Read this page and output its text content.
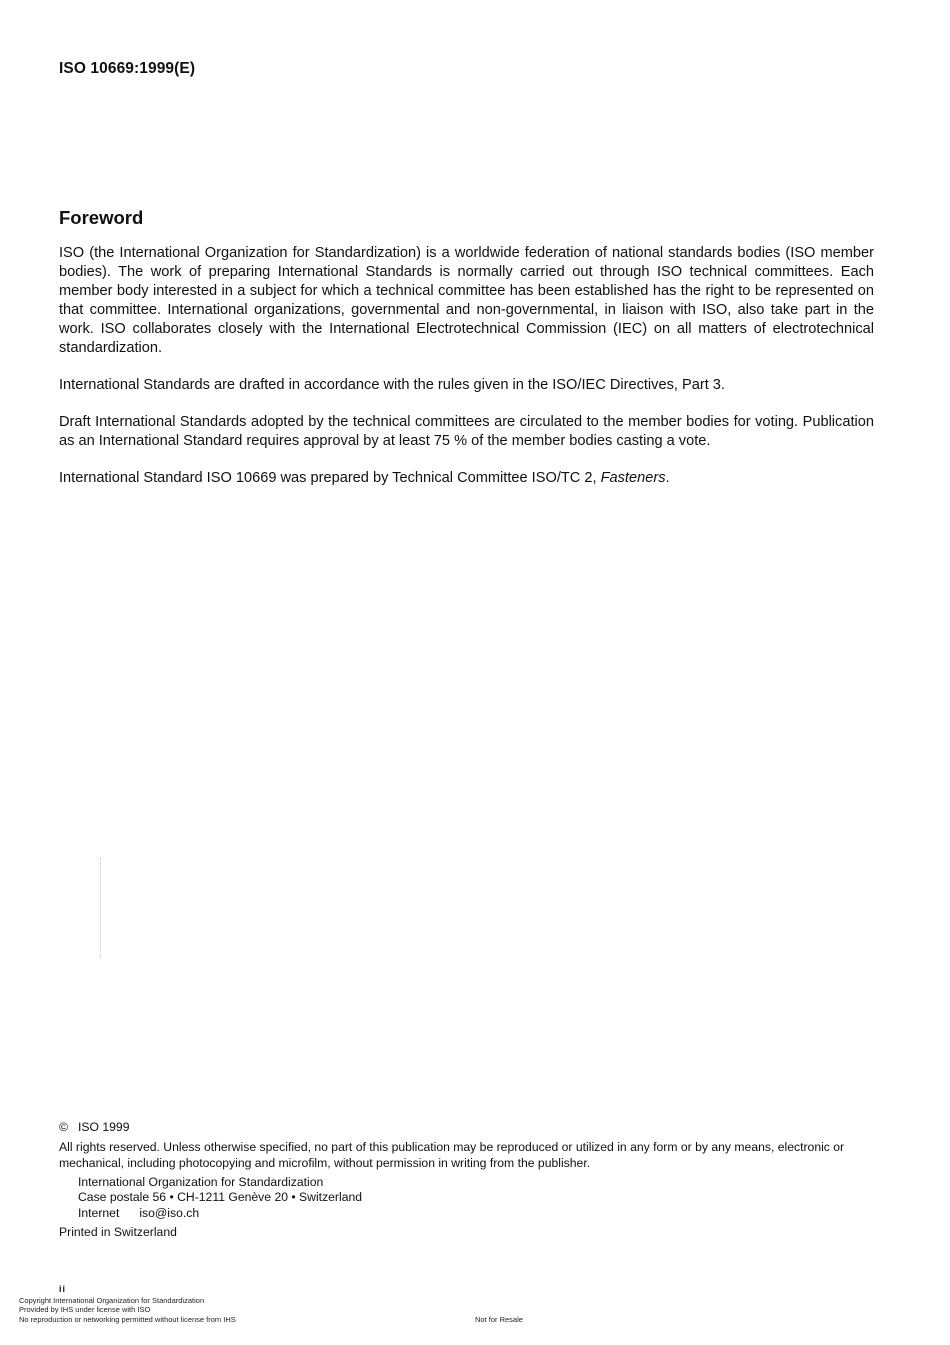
ISO 10669:1999(E)
Foreword

ISO (the International Organization for Standardization) is a worldwide federation of national standards bodies (ISO member bodies). The work of preparing International Standards is normally carried out through ISO technical committees. Each member body interested in a subject for which a technical committee has been established has the right to be represented on that committee. International organizations, governmental and non-governmental, in liaison with ISO, also take part in the work. ISO collaborates closely with the International Electrotechnical Commission (IEC) on all matters of electrotechnical standardization.

International Standards are drafted in accordance with the rules given in the ISO/IEC Directives, Part 3.

Draft International Standards adopted by the technical committees are circulated to the member bodies for voting. Publication as an International Standard requires approval by at least 75 % of the member bodies casting a vote.

International Standard ISO 10669 was prepared by Technical Committee ISO/TC 2, Fasteners.

© ISO 1999

All rights reserved. Unless otherwise specified, no part of this publication may be reproduced or utilized in any form or by any means, electronic or mechanical, including photocopying and microfilm, without permission in writing from the publisher.

International Organization for Standardization
Case postale 56 • CH-1211 Genève 20 • Switzerland
Internet iso@iso.ch
Printed in Switzerland
ii
Copyright International Organization for Standardization
Provided by IHS under license with ISO
No reproduction or networking permitted without license from IHS	Not for Resale
